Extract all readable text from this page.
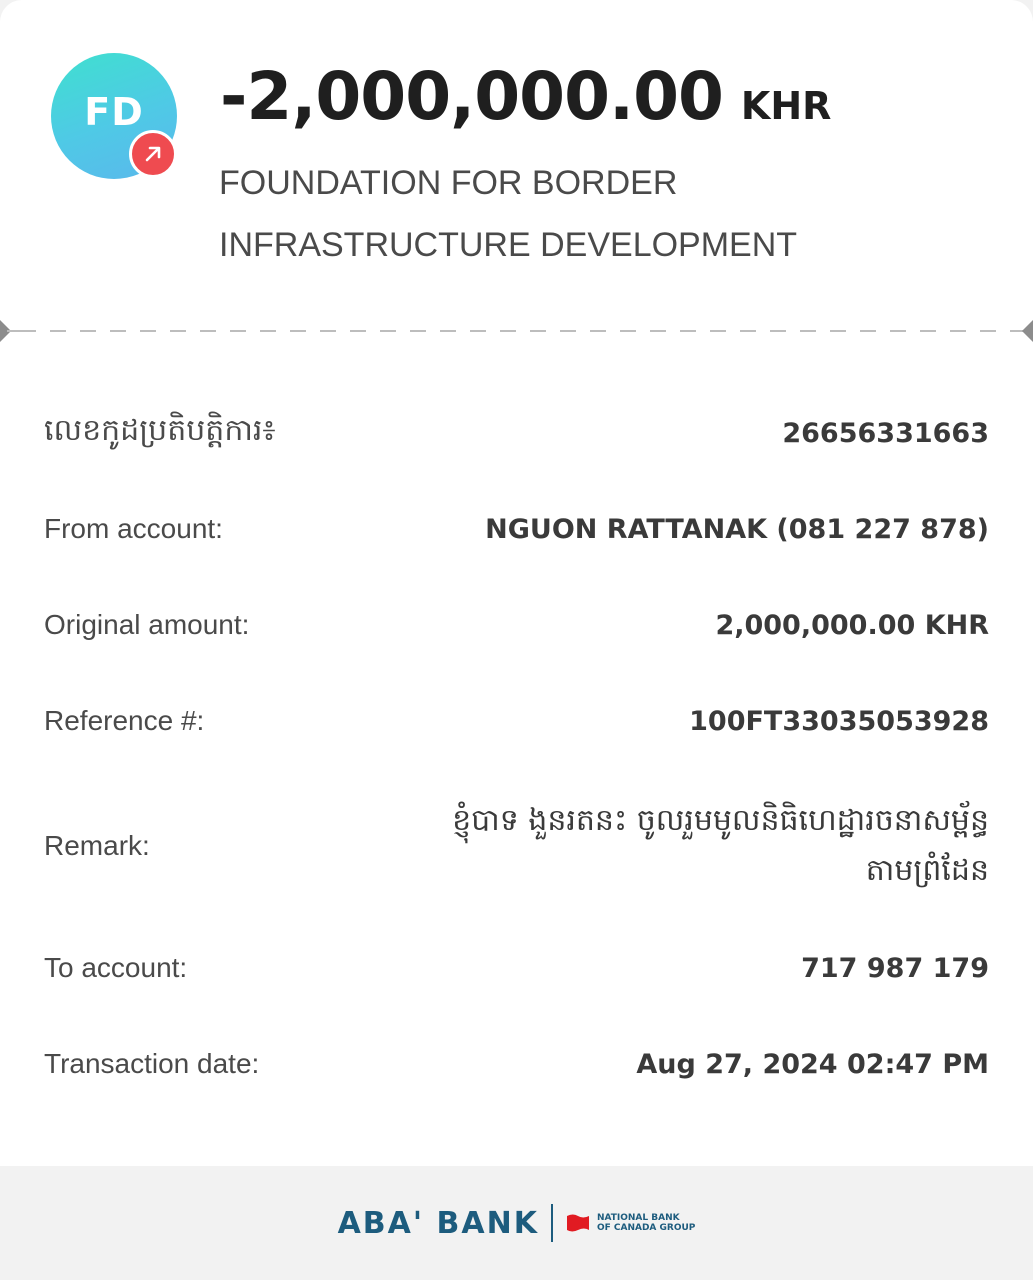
FD -2,000,000.00 KHR
FOUNDATION FOR BORDER
INFRASTRUCTURE DEVELOPMENT
លេខកូដប្រតិបត្តិការ៖	26656331663
From account:	NGUON RATTANAK (081 227 878)
Original amount:	2,000,000.00 KHR
Reference #:	100FT33035053928
Remark:
ខ្ញុំបាទ ងួនរតនះ ចូលរួមមូលនិធិហេដ្ឋារចនាសម្ព័ន្ធ
តាមព្រំដែន
To account:	717 987 179
Transaction date:	Aug 27, 2024 02:47 PM
ABA' BANK	NATIONAL BANK
OF CANADA GROUP
